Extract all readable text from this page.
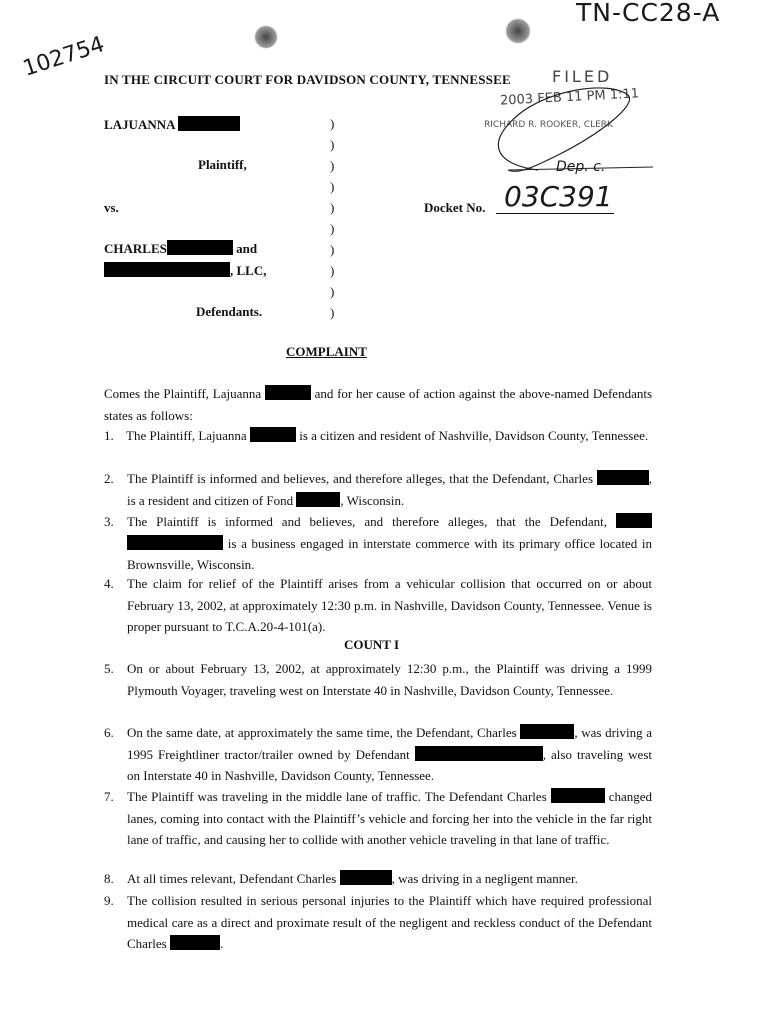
TN-CC28-A
102754
IN THE CIRCUIT COURT FOR DAVIDSON COUNTY, TENNESSEE	FILED
2003 FEB 11 PM 1:11
RICHARD R. ROOKER, CLERK
Dep. c.
LAJUANNA
Plaintiff,
vs.	Docket No. 03C391
CHARLES	and
, LLC,
Defendants.
)
)
)
)
)
)
)
)
)
)
COMPLAINT
Comes the Plaintiff, Lajuanna	and for her cause of action against the above-named Defendants states as follows:
1. The Plaintiff, Lajuanna	is a citizen and resident of Nashville, Davidson County, Tennessee.
2. The Plaintiff is informed and believes, and therefore alleges, that the Defendant, Charles	, is a resident and citizen of Fond	, Wisconsin.
3. The Plaintiff is informed and believes, and therefore alleges, that the Defendant,   is a business engaged in interstate commerce with its primary office located in Brownsville, Wisconsin.
4. The claim for relief of the Plaintiff arises from a vehicular collision that occurred on or about February 13, 2002, at approximately 12:30 p.m. in Nashville, Davidson County, Tennessee. Venue is proper pursuant to T.C.A.20-4-101(a).
COUNT I
5. On or about February 13, 2002, at approximately 12:30 p.m., the Plaintiff was driving a 1999 Plymouth Voyager, traveling west on Interstate 40 in Nashville, Davidson County, Tennessee.
6. On the same date, at approximately the same time, the Defendant, Charles	, was driving a 1995 Freightliner tractor/trailer owned by Defendant	, also traveling west on Interstate 40 in Nashville, Davidson County, Tennessee.
7. The Plaintiff was traveling in the middle lane of traffic. The Defendant Charles	changed lanes, coming into contact with the Plaintiff’s vehicle and forcing her into the vehicle in the far right lane of traffic, and causing her to collide with another vehicle traveling in that lane of traffic.
8. At all times relevant, Defendant Charles	, was driving in a negligent manner.
9. The collision resulted in serious personal injuries to the Plaintiff which have required professional medical care as a direct and proximate result of the negligent and reckless conduct of the Defendant Charles	.
